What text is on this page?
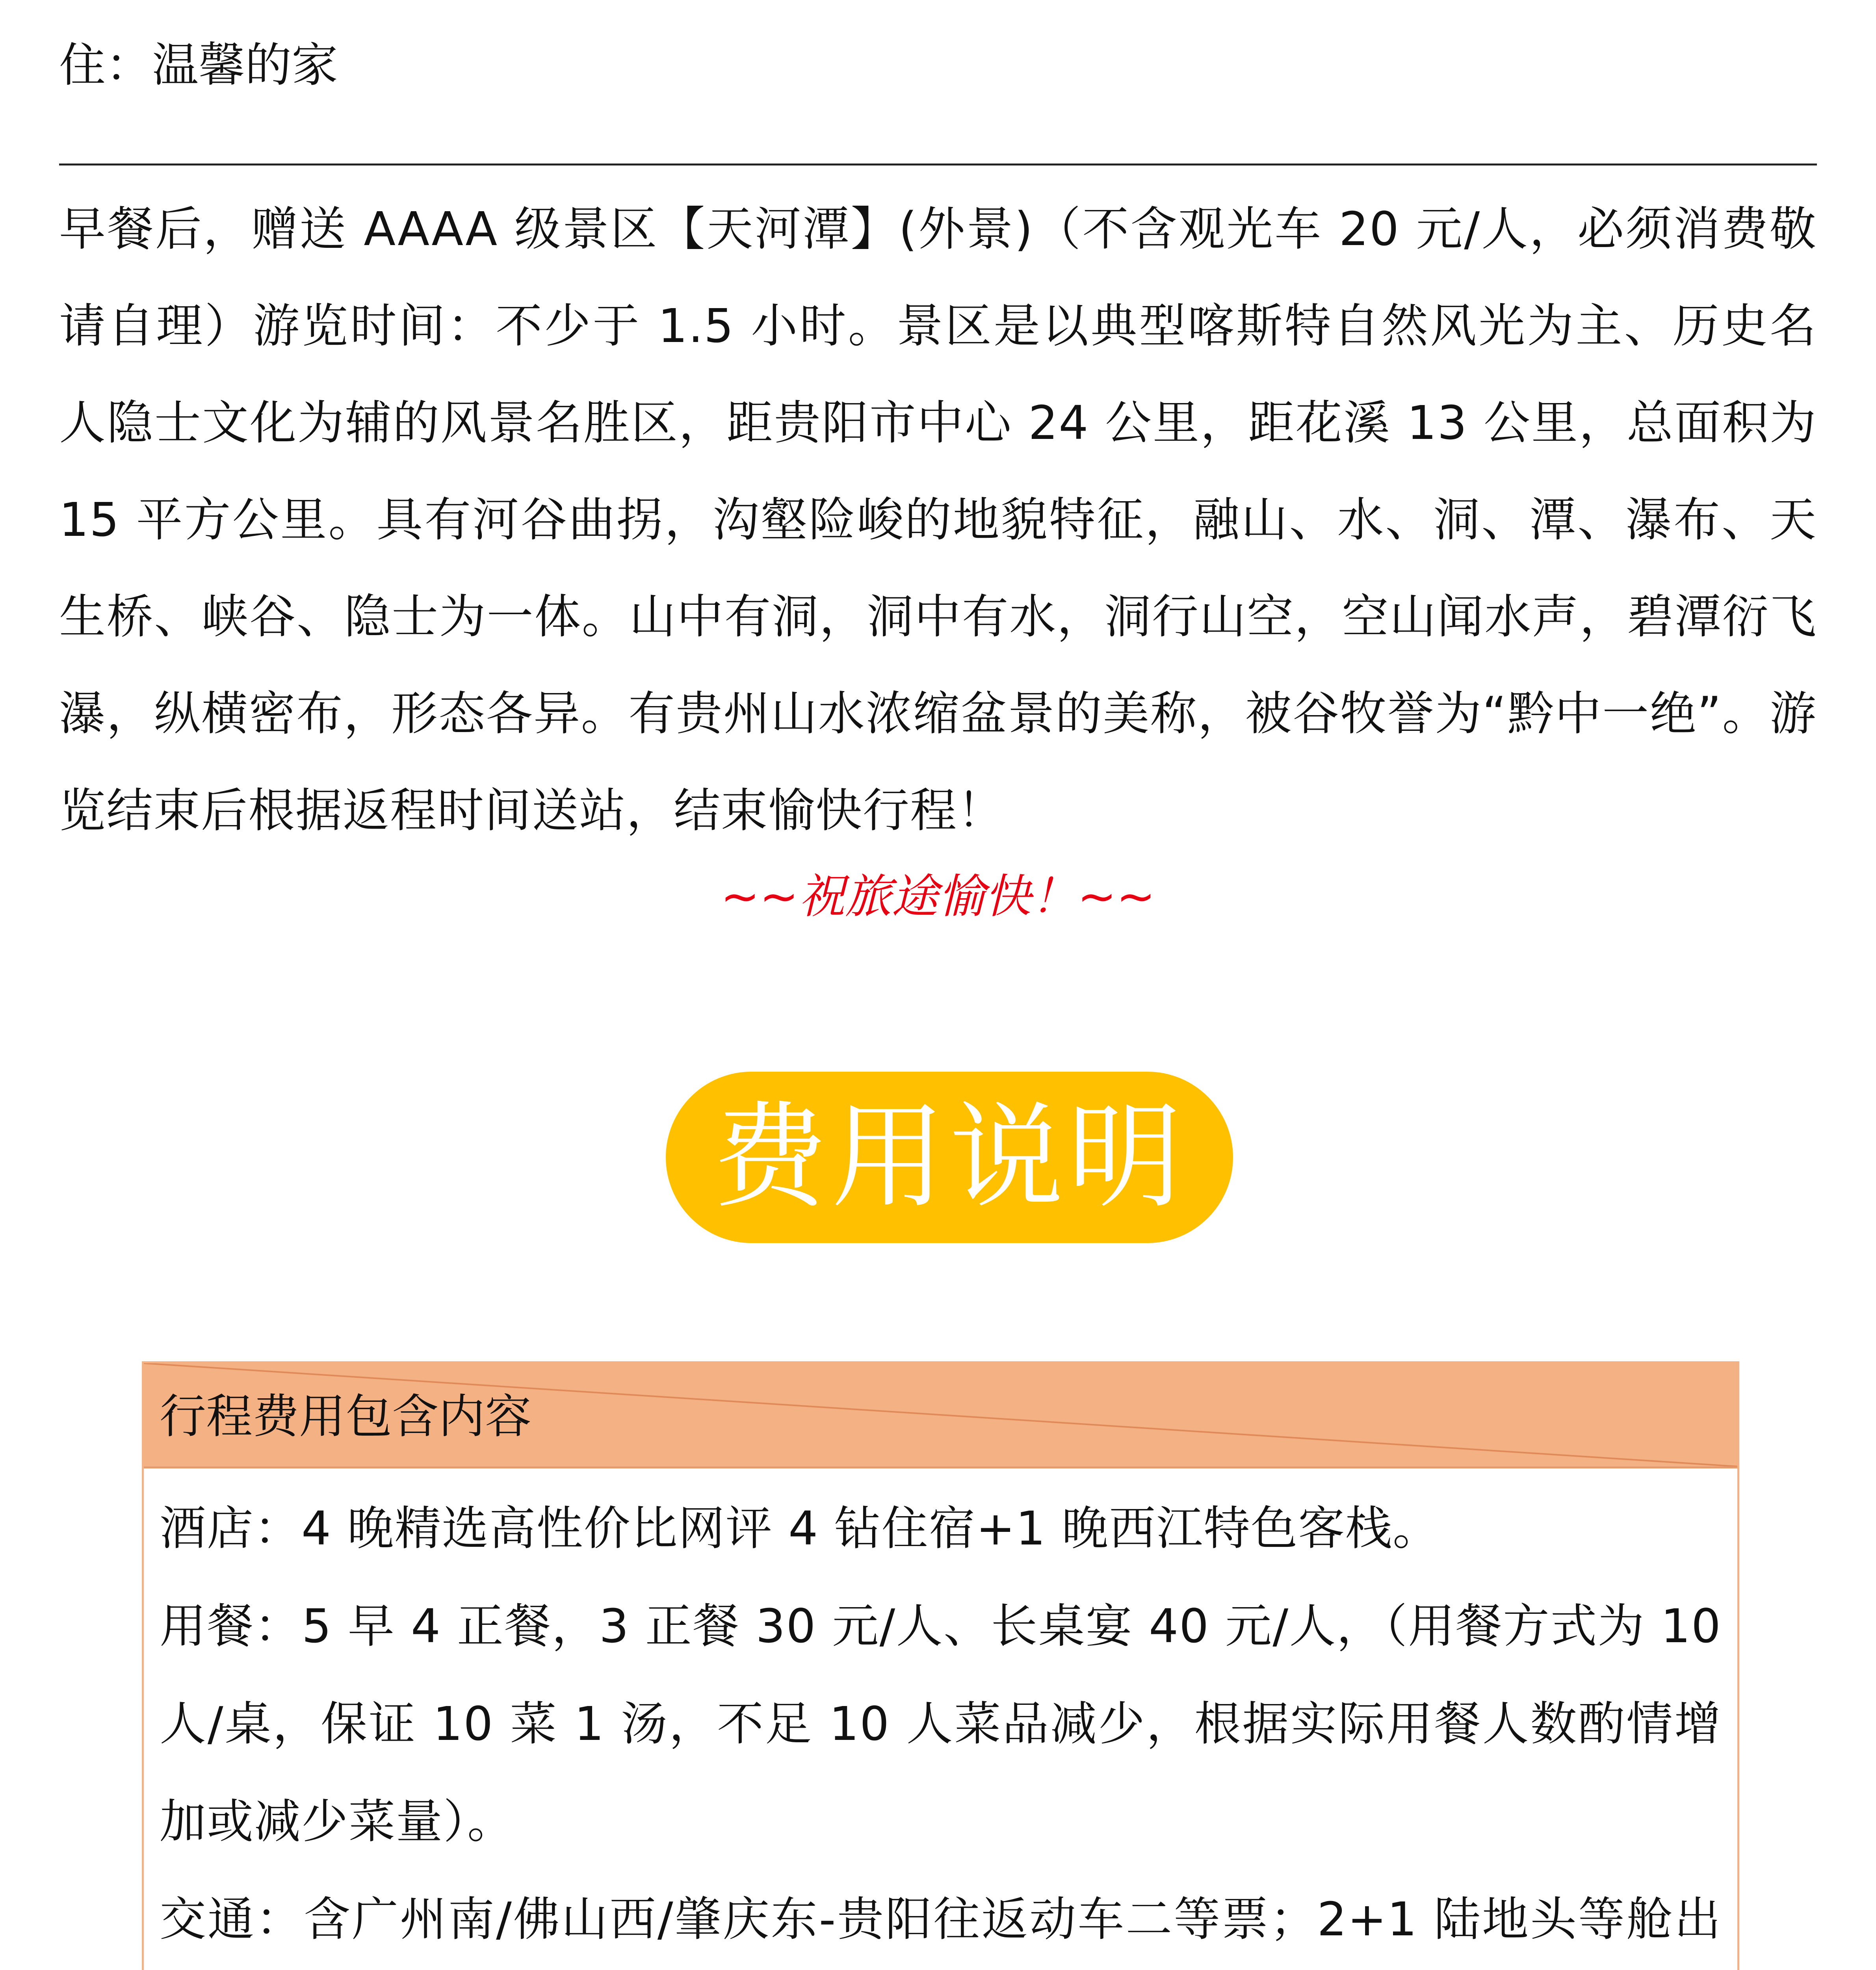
住：温馨的家

早餐后，赠送 AAAA 级景区【天河潭】(外景)（不含观光车 20 元/人，必须消费敬请自理）游览时间：不少于 1.5 小时。景区是以典型喀斯特自然风光为主、历史名人隐士文化为辅的风景名胜区，距贵阳市中心 24 公里，距花溪 13 公里，总面积为 15 平方公里。具有河谷曲拐，沟壑险峻的地貌特征，融山、水、洞、潭、瀑布、天生桥、峡谷、隐士为一体。山中有洞，洞中有水，洞行山空，空山闻水声，碧潭衍飞瀑，纵横密布，形态各异。有贵州山水浓缩盆景的美称，被谷牧誉为“黔中一绝”。游览结束后根据返程时间送站，结束愉快行程！

~~祝旅途愉快！~~
费用说明
行程费用包含内容

酒店：4 晚精选高性价比网评 4 钻住宿+1 晚西江特色客栈。

用餐：5 早 4 正餐，3 正餐 30 元/人、长桌宴 40 元/人，（用餐方式为 10 人/桌，保证 10 菜 1 汤，不足 10 人菜品减少，根据实际用餐人数酌情增加或减少菜量）。

交通：含广州南/佛山西/肇庆东-贵阳往返动车二等票；2+1 陆地头等舱出
